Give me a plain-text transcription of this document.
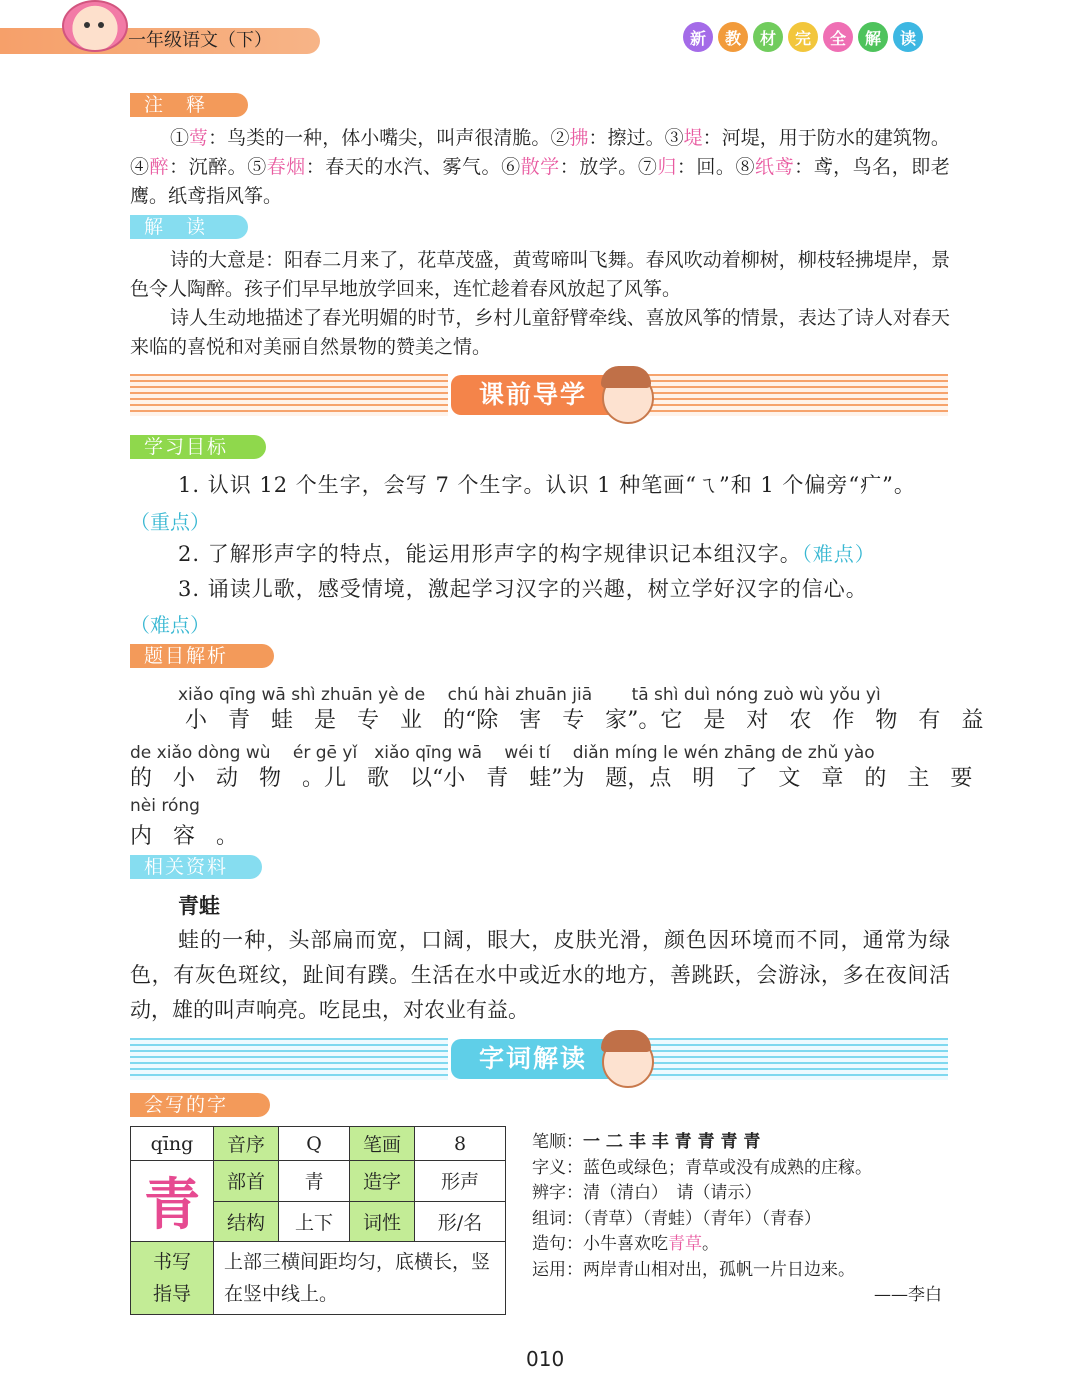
一年级语文（下）	新	教	材	完	全	解	读
注　释
①莺：鸟类的一种，体小嘴尖，叫声很清脆。②拂：擦过。③堤：河堤，用于防水的建筑物。④醉：沉醉。⑤春烟：春天的水汽、雾气。⑥散学：放学。⑦归：回。⑧纸鸢：鸢，鸟名，即老鹰。纸鸢指风筝。
解　读
诗的大意是：阳春二月来了，花草茂盛，黄莺啼叫飞舞。春风吹动着柳树，柳枝轻拂堤岸，景色令人陶醉。孩子们早早地放学回来，连忙趁着春风放起了风筝。
诗人生动地描述了春光明媚的时节，乡村儿童舒臂牵线、喜放风筝的情景，表达了诗人对春天来临的喜悦和对美丽自然景物的赞美之情。
课前导学
学习目标
1. 认识 12 个生字，会写 7 个生字。认识 1 种笔画“ㄟ”和 1 个偏旁“疒”。
（重点）
2. 了解形声字的特点，能运用形声字的构字规律识记本组汉字。（难点）
3. 诵读儿歌，感受情境，激起学习汉字的兴趣，树立学好汉字的信心。
（难点）
题目解析
xiǎo qīng wā shì zhuān yè de　 chú hài zhuān jiā　　 tā shì duì nóng zuò wù yǒu yì
小 青 蛙 是 专 业 的“除 害 专 家”。它 是 对 农 作 物 有 益
de xiǎo dòng wù　 ér gē yǐ　xiǎo qīng wā　 wéi tí　 diǎn míng le wén zhāng de zhǔ yào
的 小 动 物 。儿 歌 以“小 青 蛙”为 题，点 明 了 文 章 的 主 要
nèi róng
内 容 。
相关资料
青蛙
蛙的一种，头部扁而宽，口阔，眼大，皮肤光滑，颜色因环境而不同，通常为绿色，有灰色斑纹，趾间有蹼。生活在水中或近水的地方，善跳跃，会游泳，多在夜间活动，雄的叫声响亮。吃昆虫，对农业有益。
字词解读
会写的字
qīng	音序	Q	笔画	8
青	部首	青	造字	形声
	结构	上下	词性	形/名
书写指导	上部三横间距均匀，底横长，竖在竖中线上。			
笔顺：一 二 丰 丰 青 青 青 青
字义：蓝色或绿色；青草或没有成熟的庄稼。
辨字：清（清白）　请（请示）
组词：（青草）（青蛙）（青年）（青春）
造句：小牛喜欢吃青草。
运用：两岸青山相对出，孤帆一片日边来。
——李白
010
